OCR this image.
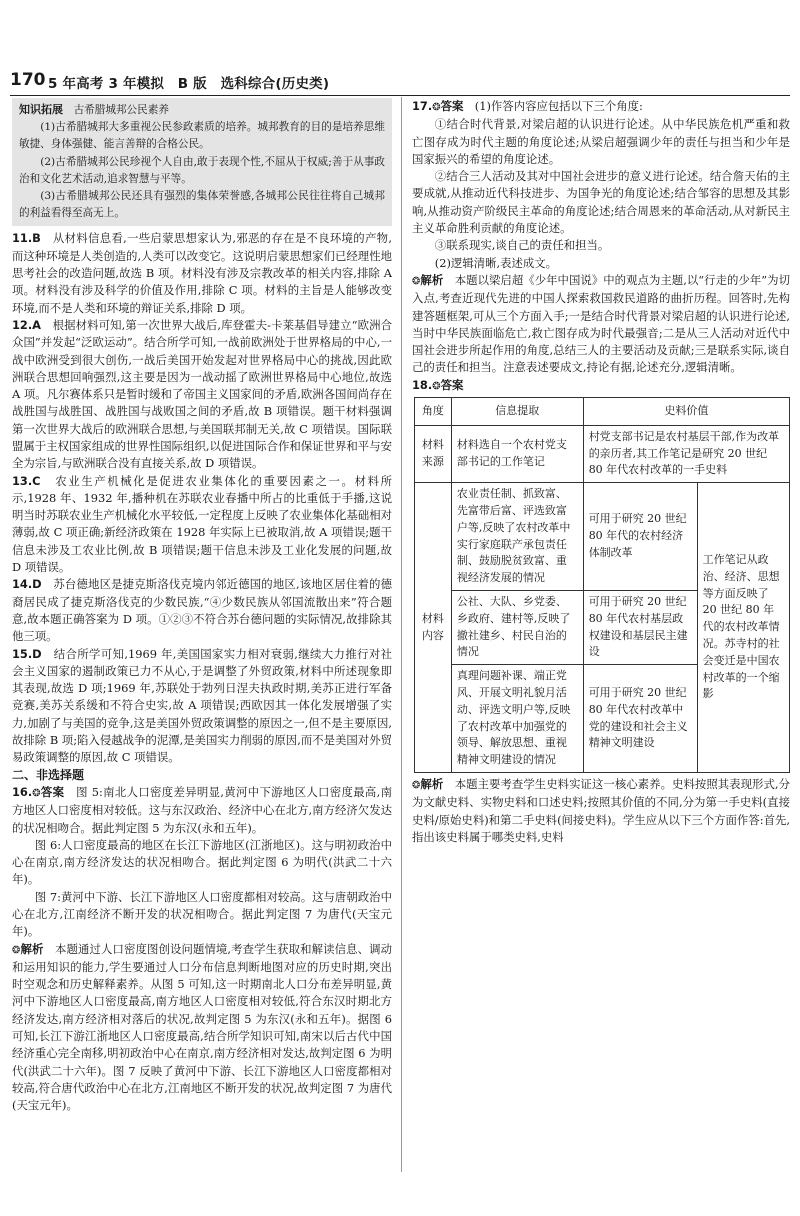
170 5 年高考 3 年模拟　B 版　选科综合(历史类)
知识拓展　 古希腊城邦公民素养

(1)古希腊城邦大多重视公民参政素质的培养。城邦教育的目的是培养思维敏捷、身体强健、能言善辩的合格公民。

(2)古希腊城邦公民珍视个人自由,敢于表现个性,不屈从于权威;善于从事政治和文化艺术活动,追求智慧与平等。

(3)古希腊城邦公民还具有强烈的集体荣誉感,各城邦公民往往将自己城邦的利益看得至高无上。

11.B　 从材料信息看,一些启蒙思想家认为,邪恶的存在是不良环境的产物,而这种环境是人类创造的,人类可以改变它。这说明启蒙思想家们已经理性地思考社会的改造问题,故选 B 项。材料没有涉及宗教改革的相关内容,排除 A 项。材料没有涉及科学的价值及作用,排除 C 项。材料的主旨是人能够改变环境,而不是人类和环境的辩证关系,排除 D 项。

12.A　 根据材料可知,第一次世界大战后,库登霍夫-卡莱基倡导建立“欧洲合众国”并发起“泛欧运动”。结合所学可知,一战前欧洲处于世界格局的中心,一战中欧洲受到很大创伤,一战后美国开始发起对世界格局中心的挑战,因此欧洲联合思想回响强烈,这主要是因为一战动摇了欧洲世界格局中心地位,故选 A 项。凡尔赛体系只是暂时缓和了帝国主义国家间的矛盾,欧洲各国间尚存在战胜国与战胜国、战胜国与战败国之间的矛盾,故 B 项错误。题干材料强调第一次世界大战后的欧洲联合思想,与美国联邦制无关,故 C 项错误。国际联盟属于主权国家组成的世界性国际组织,以促进国际合作和保证世界和平与安全为宗旨,与欧洲联合没有直接关系,故 D 项错误。

13.C　 农业生产机械化是促进农业集体化的重要因素之一。材料所示,1928 年、1932 年,播种机在苏联农业春播中所占的比重低于手播,这说明当时苏联农业生产机械化水平较低,一定程度上反映了农业集体化基础相对薄弱,故 C 项正确;新经济政策在 1928 年实际上已被取消,故 A 项错误;题干信息未涉及工农业比例,故 B 项错误;题干信息未涉及工业化发展的问题,故 D 项错误。

14.D　 苏台德地区是捷克斯洛伐克境内邻近德国的地区,该地区居住着的德裔居民成了捷克斯洛伐克的少数民族,“④少数民族从邻国流散出来”符合题意,故本题正确答案为 D 项。①②③不符合苏台德问题的实际情况,故排除其他三项。

15.D　 结合所学可知,1969 年,美国国家实力相对衰弱,继续大力推行对社会主义国家的遏制政策已力不从心,于是调整了外贸政策,材料中所述现象即其表现,故选 D 项;1969 年,苏联处于勃列日涅夫执政时期,美苏正进行军备竞赛,美苏关系缓和不符合史实,故 A 项错误;西欧因其一体化发展增强了实力,加剧了与美国的竞争,这是美国外贸政策调整的原因之一,但不是主要原因,故排除 B 项;陷入侵越战争的泥潭,是美国实力削弱的原因,而不是美国对外贸易政策调整的原因,故 C 项错误。

二、非选择题

16.❂答案　 图 5:南北人口密度差异明显,黄河中下游地区人口密度最高,南方地区人口密度相对较低。这与东汉政治、经济中心在北方,南方经济欠发达的状况相吻合。据此判定图 5 为东汉(永和五年)。

图 6:人口密度最高的地区在长江下游地区(江浙地区)。这与明初政治中心在南京,南方经济发达的状况相吻合。据此判定图 6 为明代(洪武二十六年)。

图 7:黄河中下游、长江下游地区人口密度都相对较高。这与唐朝政治中心在北方,江南经济不断开发的状况相吻合。据此判定图 7 为唐代(天宝元年)。

❂解析　 本题通过人口密度图创设问题情境,考查学生获取和解读信息、调动和运用知识的能力,学生要通过人口分布信息判断地图对应的历史时期,突出时空观念和历史解释素养。从图 5 可知,这一时期南北人口分布差异明显,黄河中下游地区人口密度最高,南方地区人口密度相对较低,符合东汉时期北方经济发达,南方经济相对落后的状况,故判定图 5 为东汉(永和五年)。据图 6 可知,长江下游江浙地区人口密度最高,结合所学知识可知,南宋以后古代中国经济重心完全南移,明初政治中心在南京,南方经济相对发达,故判定图 6 为明代(洪武二十六年)。图 7 反映了黄河中下游、长江下游地区人口密度都相对较高,符合唐代政治中心在北方,江南地区不断开发的状况,故判定图 7 为唐代(天宝元年)。

17.❂答案　 (1)作答内容应包括以下三个角度:

①结合时代背景,对梁启超的认识进行论述。从中华民族危机严重和救亡图存成为时代主题的角度论述;从梁启超强调少年的责任与担当和少年是国家振兴的希望的角度论述。

②结合三人活动及其对中国社会进步的意义进行论述。结合詹天佑的主要成就,从推动近代科技进步、为国争光的角度论述;结合邹容的思想及其影响,从推动资产阶级民主革命的角度论述;结合周恩来的革命活动,从对新民主主义革命胜利贡献的角度论述。

③联系现实,谈自己的责任和担当。

(2)逻辑清晰,表述成文。

❂解析　 本题以梁启超《少年中国说》中的观点为主题,以“行走的少年”为切入点,考查近现代先进的中国人探索救国救民道路的曲折历程。回答时,先构建答题框架,可从三个方面入手;一是结合时代背景对梁启超的认识进行论述,当时中华民族面临危亡,救亡图存成为时代最强音;二是从三人活动对近代中国社会进步所起作用的角度,总结三人的主要活动及贡献;三是联系实际,谈自己的责任和担当。注意表述要成文,持论有据,论述充分,逻辑清晰。

18.❂答案

角度	信息提取	史料价值	
材料来源	材料选自一个农村党支部书记的工作笔记	村党支部书记是农村基层干部,作为改革的亲历者,其工作笔记是研究 20 世纪 80 年代农村改革的一手史料	
材料内容	农业责任制、抓致富、先富带后富、评选致富户等,反映了农村改革中实行家庭联产承包责任制、鼓励脱贫致富、重视经济发展的情况	可用于研究 20 世纪 80 年代的农村经济体制改革	工作笔记从政治、经济、思想等方面反映了 20 世纪 80 年代的农村改革情况。苏寺村的社会变迁是中国农村改革的一个缩影
	公社、大队、乡党委、乡政府、建村等,反映了撤社建乡、村民自治的情况	可用于研究 20 世纪 80 年代农村基层政权建设和基层民主建设	
	真理问题补课、端正党风、开展文明礼貌月活动、评选文明户等,反映了农村改革中加强党的领导、解放思想、重视精神文明建设的情况	可用于研究 20 世纪 80 年代农村改革中党的建设和社会主义精神文明建设	

❂解析　 本题主要考查学生史料实证这一核心素养。史料按照其表现形式,分为文献史料、实物史料和口述史料;按照其价值的不同,分为第一手史料(直接史料/原始史料)和第二手史料(间接史料)。学生应从以下三个方面作答:首先,指出该史料属于哪类史料,史料
